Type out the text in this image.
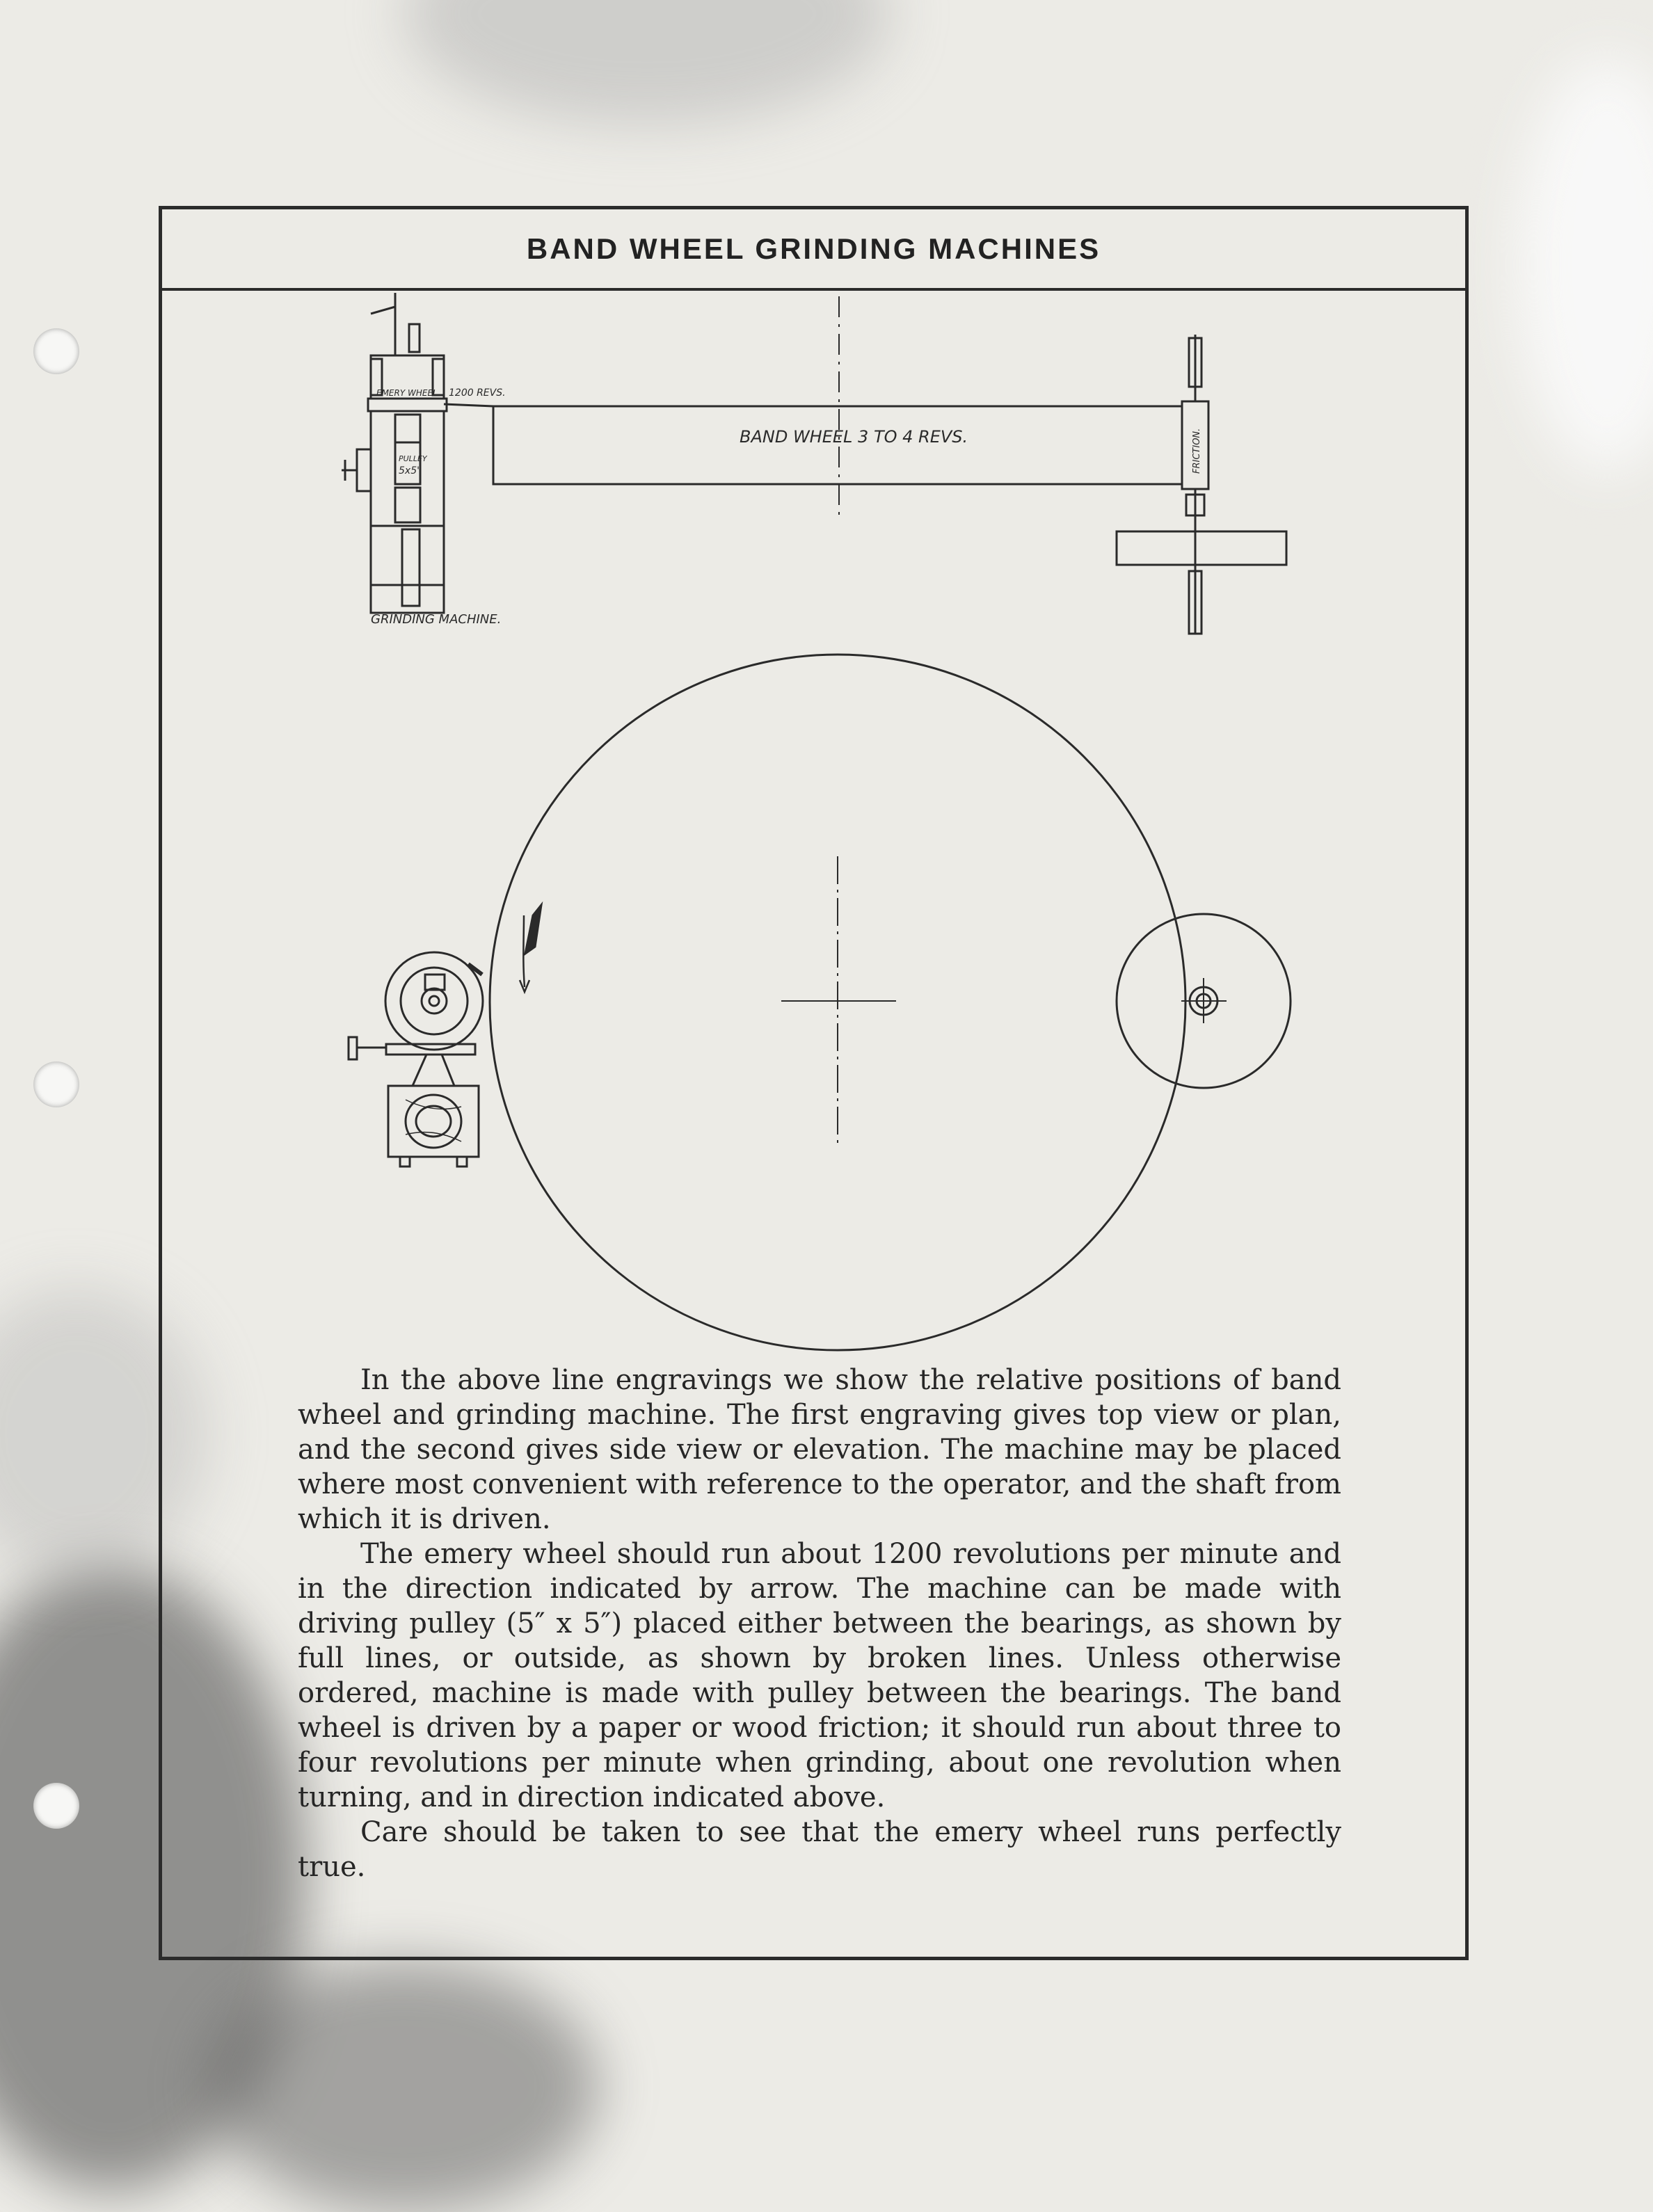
BAND WHEEL GRINDING MACHINES
EMERY WHEEL 1200 REVS.
PULLEY
5x5"
BAND WHEEL 3 TO 4 REVS.	FRICTION.
GRINDING MACHINE.

In the above line engravings we show the relative positions of band wheel and grinding machine. The first engraving gives top view or plan, and the second gives side view or elevation. The machine may be placed where most convenient with reference to the operator, and the shaft from which it is driven.

The emery wheel should run about 1200 revolutions per minute and in the direction indicated by arrow. The machine can be made with driving pulley (5″ x 5″) placed either between the bearings, as shown by full lines, or outside, as shown by broken lines. Unless otherwise ordered, machine is made with pulley between the bearings. The band wheel is driven by a paper or wood friction; it should run about three to four revolutions per minute when grinding, about one revolution when turning, and in direction indicated above.

Care should be taken to see that the emery wheel runs perfectly true.
